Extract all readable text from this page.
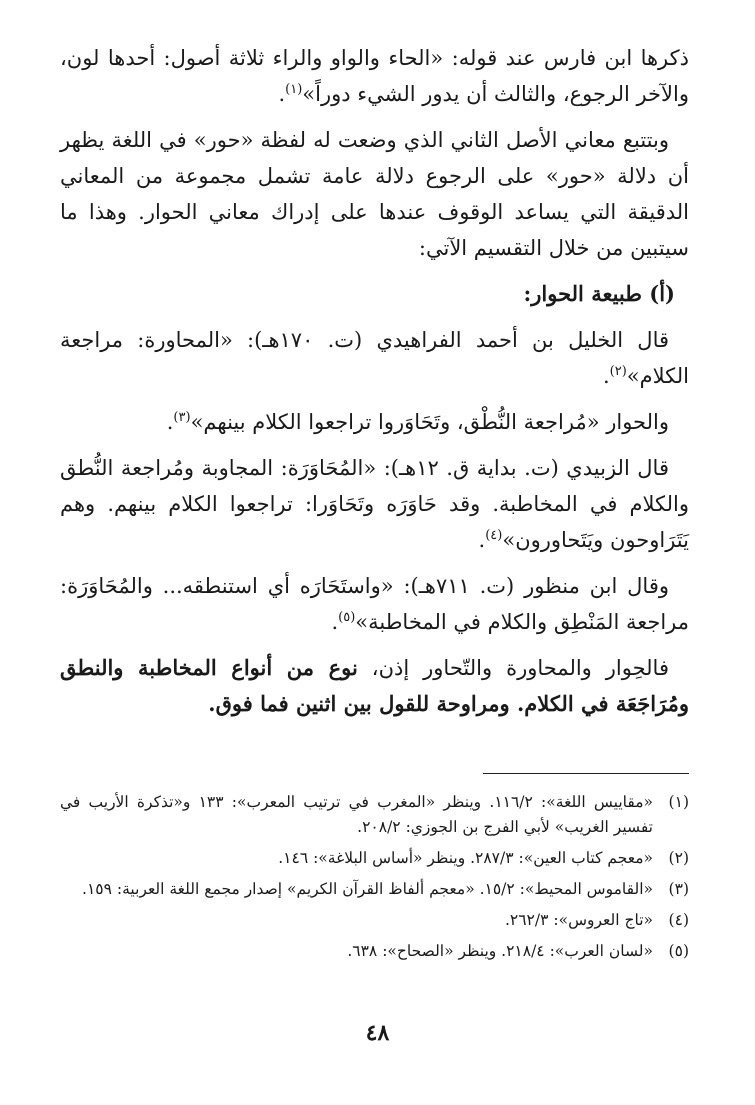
ذكرها ابن فارس عند قوله: «الحاء والواو والراء ثلاثة أصول: أحدها لون، والآخر الرجوع، والثالث أن يدور الشيء دوراً»$^{(١)}$.

وبتتبع معاني الأصل الثاني الذي وضعت له لفظة «حور» في اللغة يظهر أن دلالة «حور» على الرجوع دلالة عامة تشمل مجموعة من المعاني الدقيقة التي يساعد الوقوف عندها على إدراك معاني الحوار. وهذا ما سيتبين من خلال التقسيم الآتي:

(أ) طبيعة الحوار:

قال الخليل بن أحمد الفراهيدي (ت. ١٧٠هـ): «المحاورة: مراجعة الكلام»$^{(٢)}$.

والحوار «مُراجعة النُّطْق، وتَحَاوَروا تراجعوا الكلام بينهم»$^{(٣)}$.

قال الزبيدي (ت. بداية ق. ١٢هـ): «المُحَاوَرَة: المجاوبة ومُراجعة النُّطق والكلام في المخاطبة. وقد حَاوَرَه وتَحَاوَرا: تراجعوا الكلام بينهم. وهم يَتَرَاوحون ويَتَحاورون»$^{(٤)}$.

وقال ابن منظور (ت. ٧١١هـ): «واستَحَارَه أي استنطقه... والمُحَاوَرَة: مراجعة المَنْطِق والكلام في المخاطبة»$^{(٥)}$.

فالحِوار والمحاورة والتّحاور إذن، نوع من أنواع المخاطبة والنطق ومُرَاجَعَة في الكلام. ومراوحة للقول بين اثنين فما فوق.

(١)
«مقاييس اللغة»: ١١٦/٢. وينظر «المغرب في ترتيب المعرب»: ١٣٣ و«تذكرة الأريب في تفسير الغريب» لأبي الفرج بن الجوزي: ٢٠٨/٢.
(٢)
«معجم كتاب العين»: ٢٨٧/٣. وينظر «أساس البلاغة»: ١٤٦.
(٣)
«القاموس المحيط»: ١٥/٢. «معجم ألفاظ القرآن الكريم» إصدار مجمع اللغة العربية: ١٥٩.
(٤)
«تاج العروس»: ٢٦٢/٣.
(٥)
«لسان العرب»: ٢١٨/٤. وينظر «الصحاح»: ٦٣٨.
٤٨
